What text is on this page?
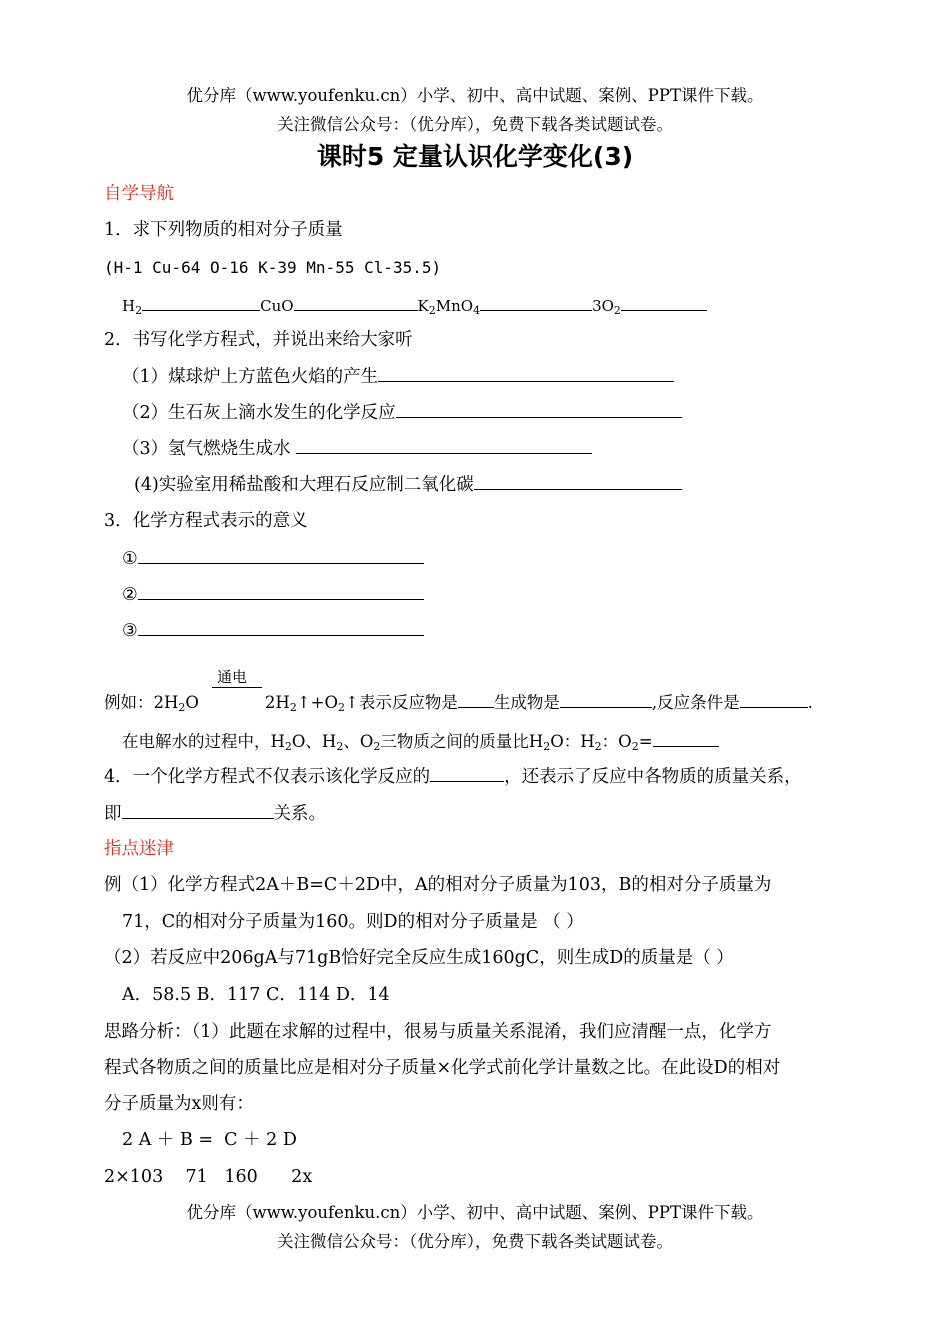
优分库（www.youfenku.cn）小学、初中、高中试题、案例、PPT课件下载。
关注微信公众号：（优分库），免费下载各类试题试卷。
课时5 定量认识化学变化(3)
自学导航
1．求下列物质的相对分子质量
(H-1 Cu-64 O-16 K-39 Mn-55 Cl-35.5)
$H_2$	CuO	$K_2MnO_4$	$3O_2$
2．书写化学方程式，并说出来给大家听
（1）煤球炉上方蓝色火焰的产生
（2）生石灰上滴水发生的化学反应
（3）氢气燃烧生成水
(4)实验室用稀盐酸和大理石反应制二氧化碳
3．化学方程式表示的意义
①
②
③
通电
例如：$2H_2O$	$2H_2↑+O_2↑$表示反应物是 生成物是	,反应条件是	.
在电解水的过程中，$H_2O$、$H_2$、$O_2$三物质之间的质量比$H_2O$：$H_2$：$O_2=$
4．一个化学方程式不仅表示该化学反应的	，还表示了反应中各物质的质量关系，
即	关系。
指点迷津
例（1）化学方程式2A＋B=C＋2D中，A的相对分子质量为103，B的相对分子质量为
71，C的相对分子质量为160。则D的相对分子质量是 （ ）
（2）若反应中206gA与71gB恰好完全反应生成160gC，则生成D的质量是（ ）
A．58.5 B．117 C．114 D．14
思路分析：（1）此题在求解的过程中，很易与质量关系混淆，我们应清醒一点，化学方
程式各物质之间的质量比应是相对分子质量×化学式前化学计量数之比。在此设D的相对
分子质量为x则有：
2 A ＋ B =  C ＋ 2 D
2×103    71   160      2x
优分库（www.youfenku.cn）小学、初中、高中试题、案例、PPT课件下载。
关注微信公众号：（优分库），免费下载各类试题试卷。
